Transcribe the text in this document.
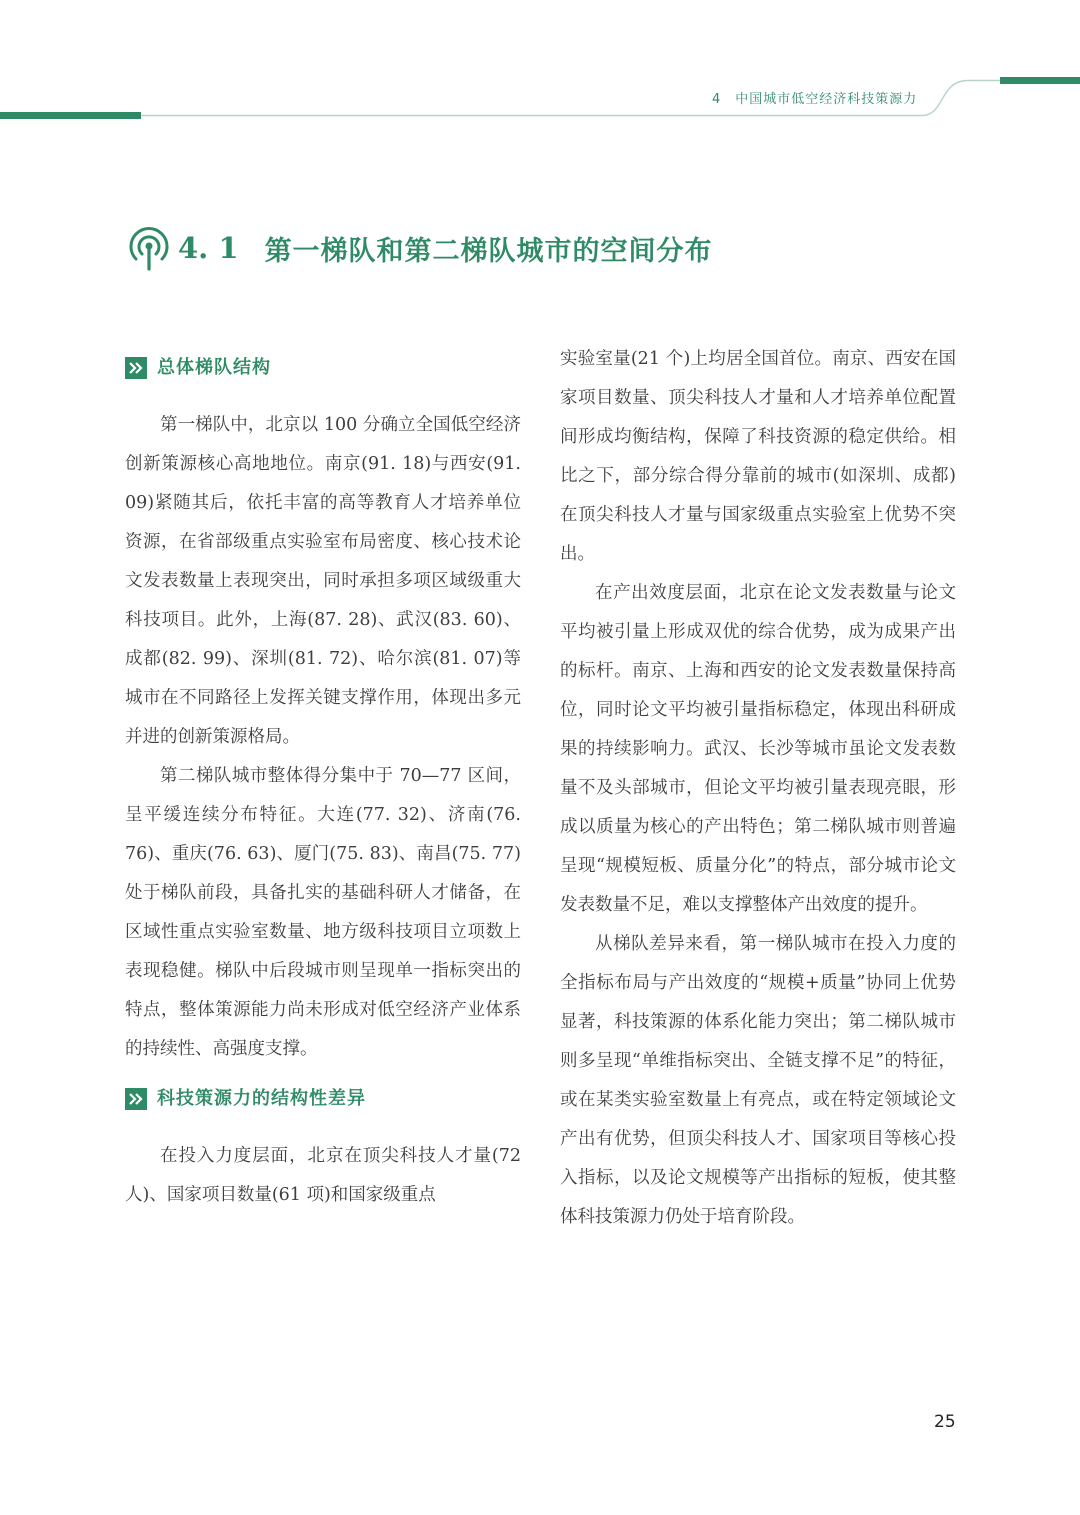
4 中国城市低空经济科技策源力
4. 1 第一梯队和第二梯队城市的空间分布
总体梯队结构

第一梯队中，北京以 100 分确立全国低空经济创新策源核心高地地位。南京(91. 18)与西安(91. 09)紧随其后，依托丰富的高等教育人才培养单位资源，在省部级重点实验室布局密度、核心技术论文发表数量上表现突出，同时承担多项区域级重大科技项目。此外，上海(87. 28)、武汉(83. 60)、成都(82. 99)、深圳(81. 72)、哈尔滨(81. 07)等城市在不同路径上发挥关键支撑作用，体现出多元并进的创新策源格局。

第二梯队城市整体得分集中于 70—77 区间，呈平缓连续分布特征。大连(77. 32)、济南(76. 76)、重庆(76. 63)、厦门(75. 83)、南昌(75. 77)处于梯队前段，具备扎实的基础科研人才储备，在区域性重点实验室数量、地方级科技项目立项数上表现稳健。梯队中后段城市则呈现单一指标突出的特点，整体策源能力尚未形成对低空经济产业体系的持续性、高强度支撑。

科技策源力的结构性差异

在投入力度层面，北京在顶尖科技人才量(72 人)、国家项目数量(61 项)和国家级重点

实验室量(21 个)上均居全国首位。南京、西安在国家项目数量、顶尖科技人才量和人才培养单位配置间形成均衡结构，保障了科技资源的稳定供给。相比之下，部分综合得分靠前的城市(如深圳、成都)在顶尖科技人才量与国家级重点实验室上优势不突出。

在产出效度层面，北京在论文发表数量与论文平均被引量上形成双优的综合优势，成为成果产出的标杆。南京、上海和西安的论文发表数量保持高位，同时论文平均被引量指标稳定，体现出科研成果的持续影响力。武汉、长沙等城市虽论文发表数量不及头部城市，但论文平均被引量表现亮眼，形成以质量为核心的产出特色；第二梯队城市则普遍呈现“规模短板、质量分化”的特点，部分城市论文发表数量不足，难以支撑整体产出效度的提升。

从梯队差异来看，第一梯队城市在投入力度的全指标布局与产出效度的“规模+质量”协同上优势显著，科技策源的体系化能力突出；第二梯队城市则多呈现“单维指标突出、全链支撑不足”的特征，或在某类实验室数量上有亮点，或在特定领域论文产出有优势，但顶尖科技人才、国家项目等核心投入指标，以及论文规模等产出指标的短板，使其整体科技策源力仍处于培育阶段。

25
